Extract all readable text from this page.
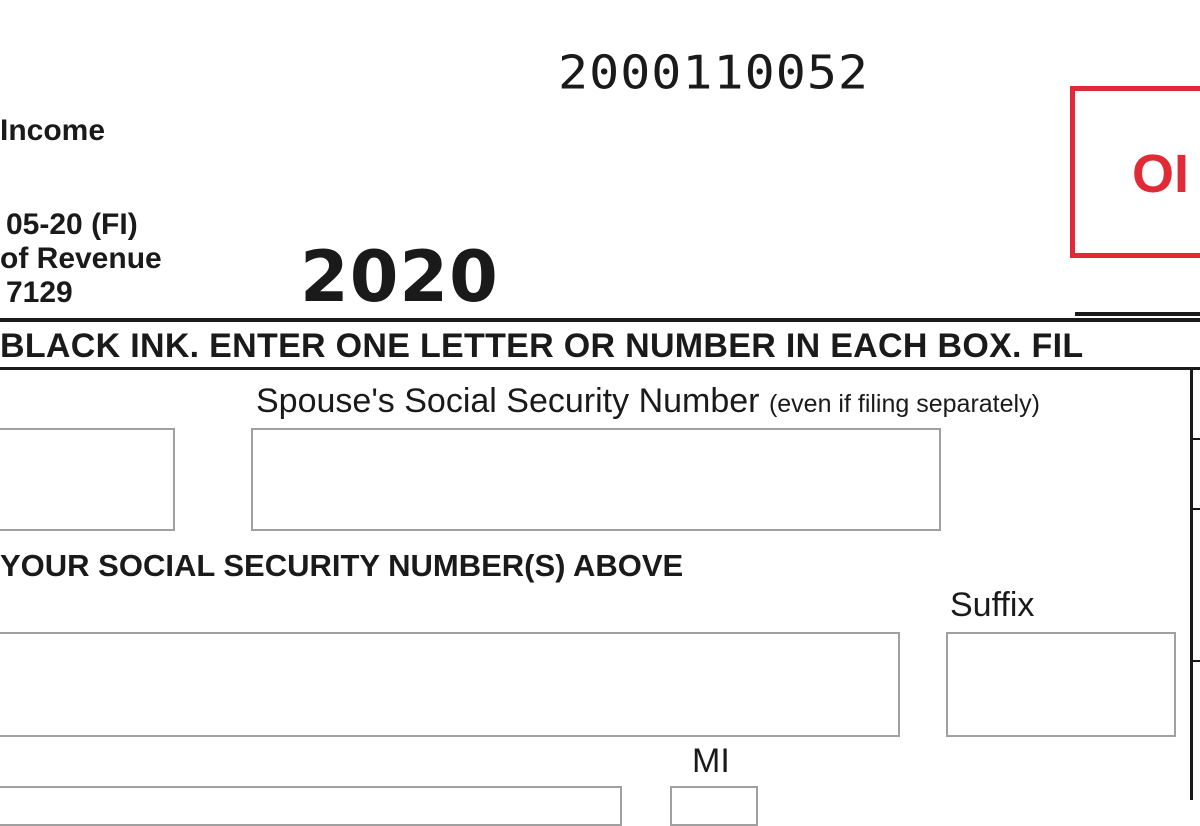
2000110052
Income
05-20 (FI)
of Revenue
7129	2020
OI
BLACK INK. ENTER ONE LETTER OR NUMBER IN EACH BOX. FIL
Spouse's Social Security Number (even if filing separately)
YOUR SOCIAL SECURITY NUMBER(S) ABOVE
Suffix
MI
